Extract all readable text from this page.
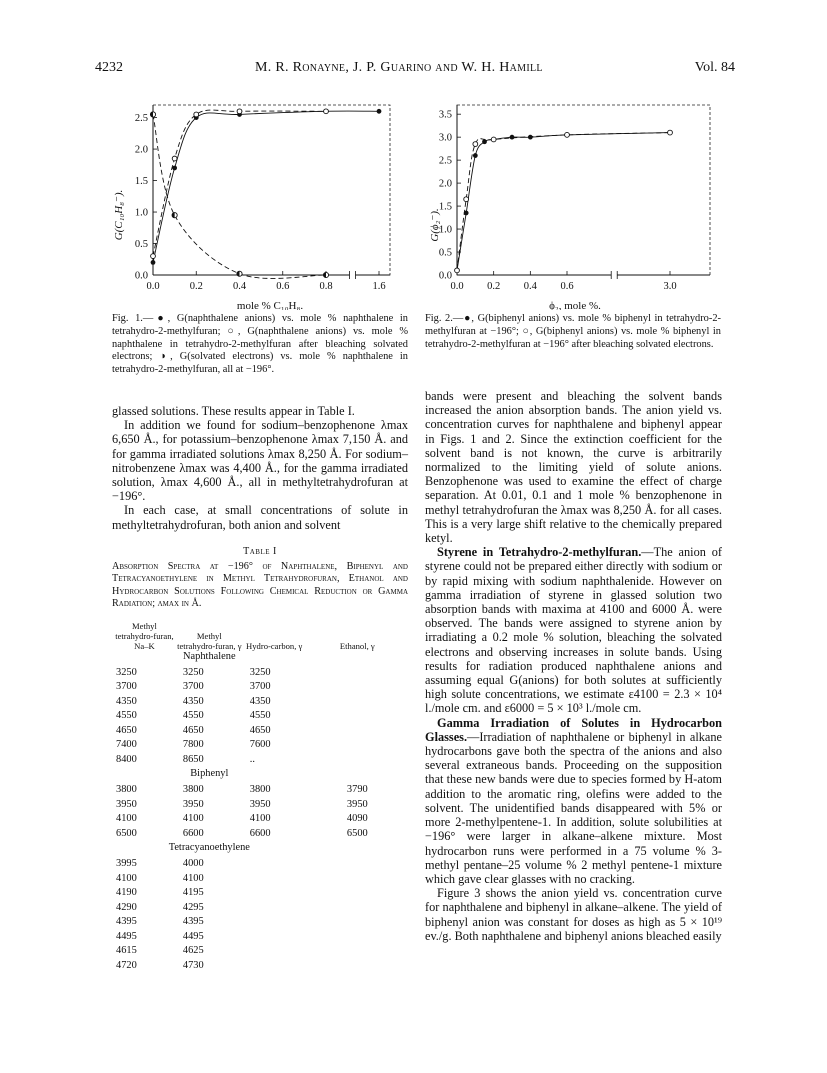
4232	M. R. Ronayne, J. P. Guarino and W. H. Hamill	Vol. 84
G(C₁₀H₈⁻).
mole % C₁₀H₈.
0.0
0.5
1.0
1.5
2.0
2.5
0.0	0.2	0.4	0.6	0.8	1.6

Fig. 1.—●, G(naphthalene anions) vs. mole % naphthalene in tetrahydro-2-methylfuran; ○, G(naphthalene anions) vs. mole % naphthalene in tetrahydro-2-methylfuran after bleaching solvated electrons; ◑, G(solvated electrons) vs. mole % naphthalene in tetrahydro-2-methylfuran, all at −196°.

G(ϕ₂⁻).
ϕ₂, mole %.
0.0
0.5
1.0
1.5
2.0
2.5
3.0
3.5
0.0 0.2 0.4 0.6	3.0

Fig. 2.—●, G(biphenyl anions) vs. mole % biphenyl in tetrahydro-2-methylfuran at −196°; ○, G(biphenyl anions) vs. mole % biphenyl in tetrahydro-2-methylfuran at −196° after bleaching solvated electrons.

glassed solutions. These results appear in Table I.

In addition we found for sodium–benzophenone λmax 6,650 Å., for potassium–benzophenone λmax 7,150 Å. and for gamma irradiated solutions λmax 8,250 Å. For sodium–nitrobenzene λmax was 4,400 Å., for the gamma irradiated solution, λmax 4,600 Å., all in methyltetrahydrofuran at −196°.

In each case, at small concentrations of solute in methyltetrahydrofuran, both anion and solvent

Table I
Absorption Spectra at −196° of Naphthalene, Biphenyl and Tetracyanoethylene in Methyl Tetrahydrofuran, Ethanol and Hydrocarbon Solutions Following Chemical Reduction or Gamma Radiation; λmax in Å.
Methyl tetrahydro-furan, Na–K	Methyl tetrahydro-furan, γ	Hydro-carbon, γ	Ethanol, γ
Naphthalene			
3250	3250	3250	
3700	3700	3700	
4350	4350	4350	
4550	4550	4550	
4650	4650	4650	
7400	7800	7600	
8400	8650	..	
Biphenyl			
3800	3800	3800	3790
3950	3950	3950	3950
4100	4100	4100	4090
6500	6600	6600	6500
Tetracyanoethylene			
3995	4000		
4100	4100		
4190	4195		
4290	4295		
4395	4395		
4495	4495		
4615	4625		
4720	4730		

bands were present and bleaching the solvent bands increased the anion absorption bands. The anion yield vs. concentration curves for naphthalene and biphenyl appear in Figs. 1 and 2. Since the extinction coefficient for the solvent band is not known, the curve is arbitrarily normalized to the limiting yield of solute anions. Benzophenone was used to examine the effect of charge separation. At 0.01, 0.1 and 1 mole % benzophenone in methyl tetrahydrofuran the λmax was 8,250 Å. for all cases. This is a very large shift relative to the chemically prepared ketyl.

Styrene in Tetrahydro-2-methylfuran.—The anion of styrene could not be prepared either directly with sodium or by rapid mixing with sodium naphthalenide. However on gamma irradiation of styrene in glassed solution two absorption bands with maxima at 4100 and 6000 Å. were observed. The bands were assigned to styrene anion by irradiating a 0.2 mole % solution, bleaching the solvated electrons and observing increases in solute bands. Using results for radiation produced naphthalene anions and assuming equal G(anions) for both solutes at sufficiently high solute concentrations, we estimate ε4100 = 2.3 × 10⁴ l./mole cm. and ε6000 = 5 × 10³ l./mole cm.

Gamma Irradiation of Solutes in Hydrocarbon Glasses.—Irradiation of naphthalene or biphenyl in alkane hydrocarbons gave both the spectra of the anions and also several extraneous bands. Proceeding on the supposition that these new bands were due to species formed by H-atom addition to the aromatic ring, olefins were added to the solvent. The unidentified bands disappeared with 5% or more 2-methylpentene-1. In addition, solute solubilities at −196° were larger in alkane–alkene mixture. Most hydrocarbon runs were performed in a 75 volume % 3-methyl pentane–25 volume % 2 methyl pentene-1 mixture which gave clear glasses with no cracking.

Figure 3 shows the anion yield vs. concentration curve for naphthalene and biphenyl in alkane–alkene. The yield of biphenyl anion was constant for doses as high as 5 × 10¹⁹ ev./g. Both naphthalene and biphenyl anions bleached easily
